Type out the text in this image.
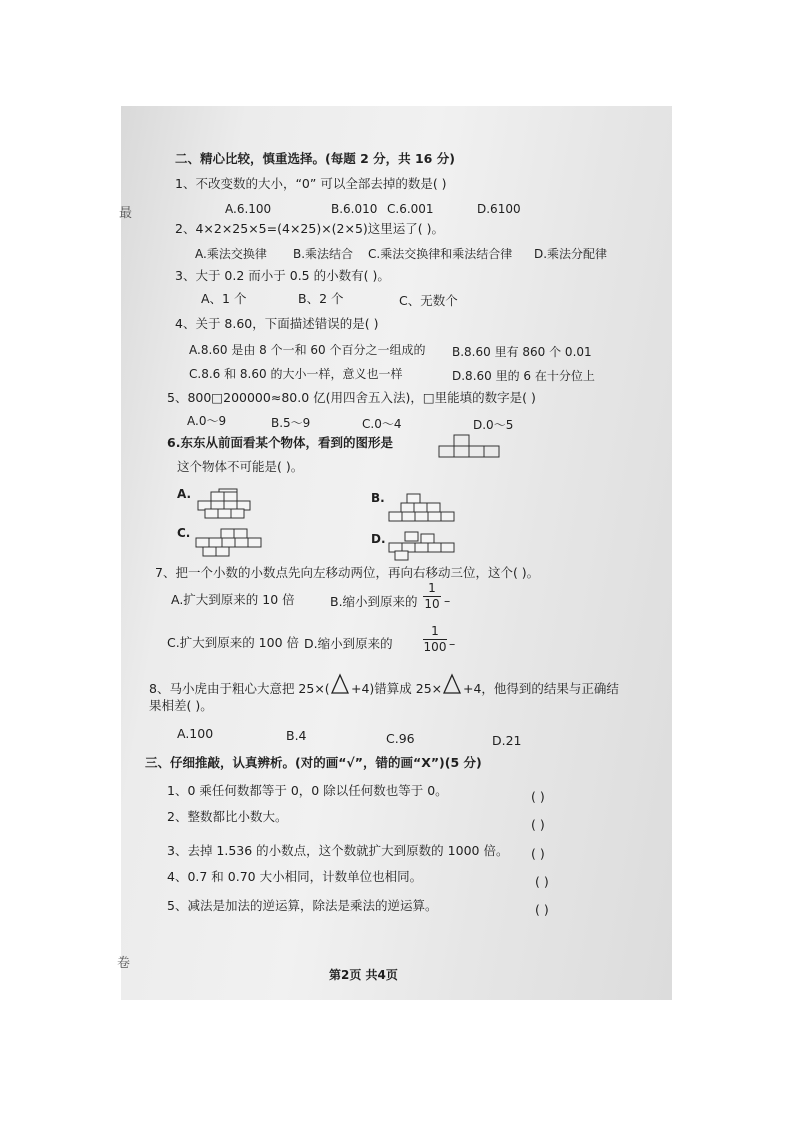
最
卷
二、精心比较，慎重选择。(每题 2 分，共 16 分)
1、不改变数的大小，“0” 可以全部去掉的数是( )
A.6.100	B.6.010 C.6.001	D.6100
2、4×2×25×5=(4×25)×(2×5)这里运了( )。
A.乘法交换律 B.乘法结合 C.乘法交换律和乘法结合律 D.乘法分配律
3、大于 0.2 而小于 0.5 的小数有( )。
A、1 个	B、2 个	C、无数个
4、关于 8.60，下面描述错误的是( )
A.8.60 是由 8 个一和 60 个百分之一组成的 B.8.60 里有 860 个 0.01
C.8.6 和 8.60 的大小一样，意义也一样	D.8.60 里的 6 在十分位上
5、800□200000≈80.0 亿(用四舍五入法)，□里能填的数字是( )
A.0～9	B.5～9	C.0～4	D.0～5
6.东东从前面看某个物体，看到的图形是
这个物体不可能是( )。
A.	B.
C.	D.
7、把一个小数的小数点先向左移动两位，再向右移动三位，这个( )。
A.扩大到原来的 10 倍	B.缩小到原来的
1
10 –
C.扩大到原来的 100 倍 D.缩小到原来的
1
100 –
8、马小虎由于粗心大意把 25×( +4)错算成 25× +4，他得到的结果与正确结
果相差( )。
A.100	B.4	C.96	D.21
三、仔细推敲，认真辨析。(对的画“√”，错的画“X”)(5 分)
1、0 乘任何数都等于 0，0 除以任何数也等于 0。	( )
2、整数都比小数大。
( )
3、去掉 1.536 的小数点，这个数就扩大到原数的 1000 倍。 ( )
4、0.7 和 0.70 大小相同，计数单位也相同。	( )
5、减法是加法的逆运算，除法是乘法的逆运算。	( )
第2页 共4页
